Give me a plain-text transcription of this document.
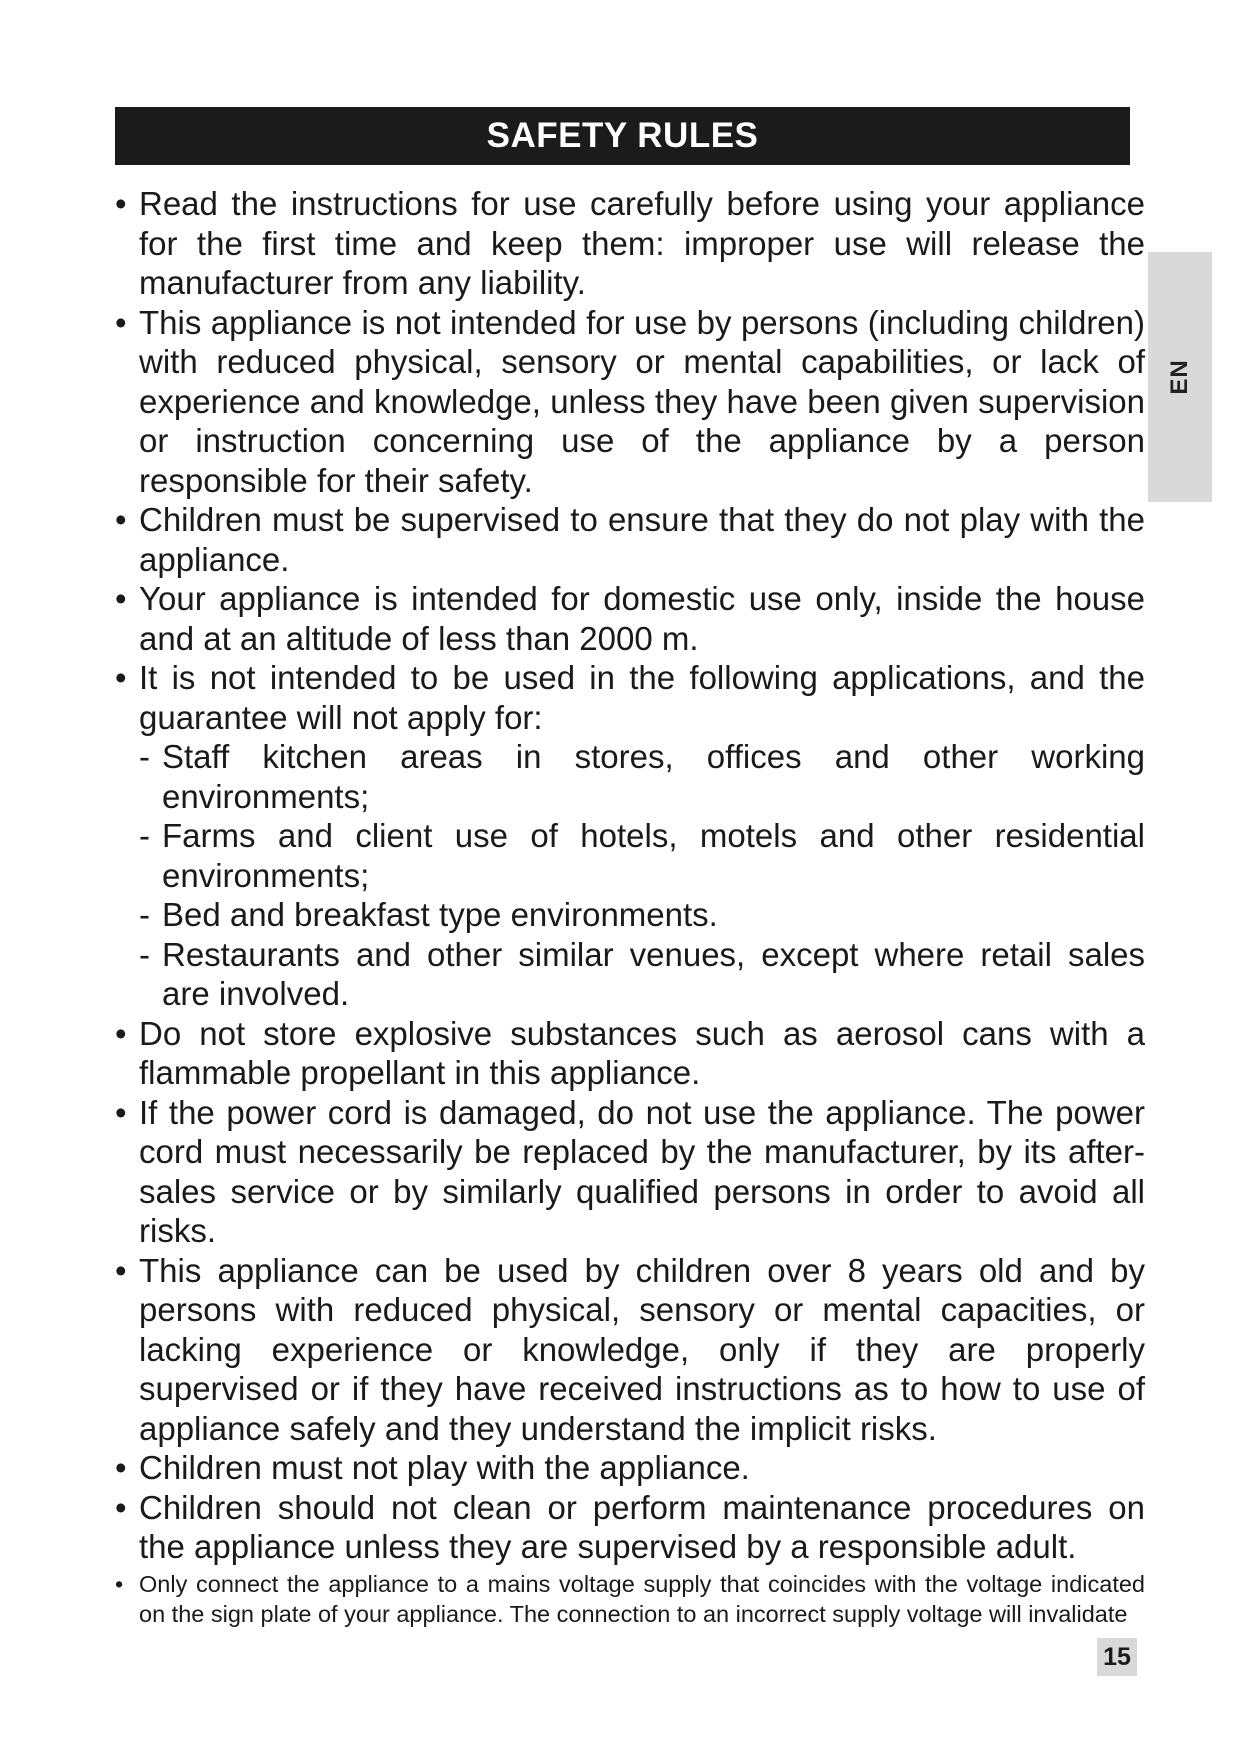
SAFETY RULES
EN
• Read the instructions for use carefully before using your appliance for the first time and keep them: improper use will release the manufacturer from any liability.
• This appliance is not intended for use by persons (including children) with reduced physical, sensory or mental capabilities, or lack of experience and knowledge, unless they have been given supervision or instruction concerning use of the appliance by a person responsible for their safety.
• Children must be supervised to ensure that they do not play with the appliance.
• Your appliance is intended for domestic use only, inside the house and at an altitude of less than 2000 m.
• It is not intended to be used in the following applications, and the guarantee will not apply for:
- Staff kitchen areas in stores, offices and other working environments;
- Farms and client use of hotels, motels and other residential environments;
- Bed and breakfast type environments.
- Restaurants and other similar venues, except where retail sales are involved.
• Do not store explosive substances such as aerosol cans with a flammable propellant in this appliance.
• If the power cord is damaged, do not use the appliance. The power cord must necessarily be replaced by the manufacturer, by its after-sales service or by similarly qualified persons in order to avoid all risks.
• This appliance can be used by children over 8 years old and by persons with reduced physical, sensory or mental capacities, or lacking experience or knowledge, only if they are properly supervised or if they have received instructions as to how to use of appliance safely and they understand the implicit risks.
• Children must not play with the appliance.
• Children should not clean or perform maintenance procedures on the appliance unless they are supervised by a responsible adult.
• Only connect the appliance to a mains voltage supply that coincides with the voltage indicated on the sign plate of your appliance. The connection to an incorrect supply voltage will invalidate
15
